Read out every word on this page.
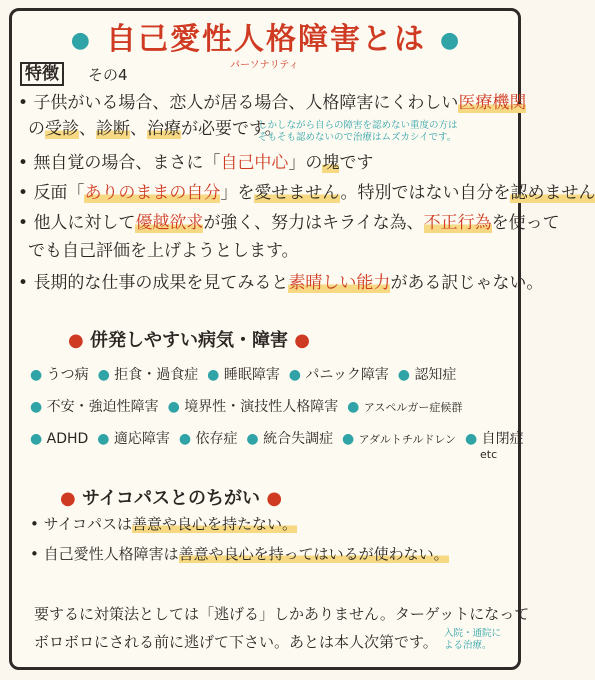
● 自己愛性人格障害とは ●
パーソナリティ
特徴	その4
• 子供がいる場合、恋人が居る場合、人格障害にくわしい医療機関
の受診、診断、治療が必要です。
しかしながら自らの障害を認めない重度の方は
そもそも認めないので治療はムズカシイです。
• 無自覚の場合、まさに「自己中心」の塊です
• 反面「ありのままの自分」を愛せません。特別ではない自分を認めません
• 他人に対して優越欲求が強く、努力はキライな為、不正行為を使って
でも自己評価を上げようとします。
• 長期的な仕事の成果を見てみると素晴しい能力がある訳じゃない。
● 併発しやすい病気・障害 ●
● うつ病 ● 拒食・過食症 ● 睡眠障害 ● パニック障害 ● 認知症
● 不安・強迫性障害 ● 境界性・演技性人格障害 ● アスペルガー症候群
● ADHD ● 適応障害 ● 依存症 ● 統合失調症 ● アダルトチルドレン ● 自閉症
etc
● サイコパスとのちがい ●
• サイコパスは善意や良心を持たない。
• 自己愛性人格障害は善意や良心を持ってはいるが使わない。
要するに対策法としては「逃げる」しかありません。ターゲットになって
ボロボロにされる前に逃げて下さい。あとは本人次第です。 入院・通院に
よる治療。
